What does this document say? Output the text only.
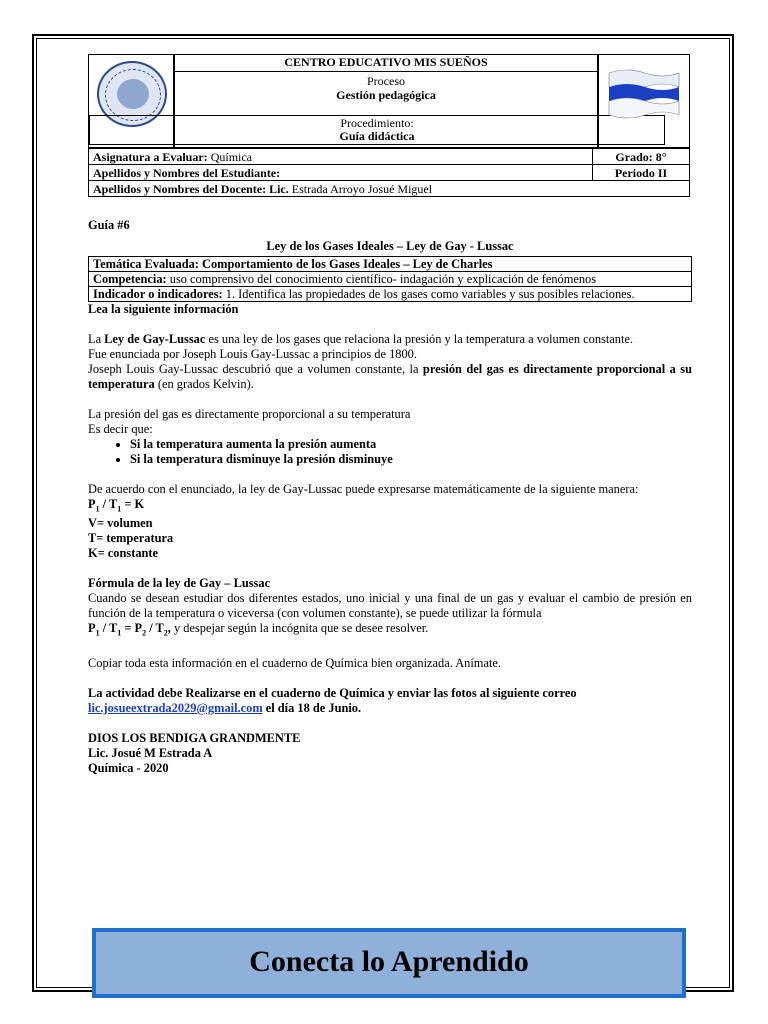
CENTRO EDUCATIVO MIS SUEÑOS
Proceso
Gestión pedagógica
Procedimiento:
Guía didáctica
Asignatura a Evaluar: Química	Grado: 8°
Apellidos y Nombres del Estudiante:	Periodo II
Apellidos y Nombres del Docente: Lic. Estrada Arroyo Josué Miguel	

Guía #6

Ley de los Gases Ideales – Ley de Gay - Lussac

Temática Evaluada: Comportamiento de los Gases Ideales – Ley de Charles
Competencia: uso comprensivo del conocimiento científico- indagación y explicación de fenómenos
Indicador o indicadores: 1. Identifica las propiedades de los gases como variables y sus posibles relaciones.

Lea la siguiente información

La Ley de Gay-Lussac es una ley de los gases que relaciona la presión y la temperatura a volumen constante.

Fue enunciada por Joseph Louis Gay-Lussac a principios de 1800.

Joseph Louis Gay-Lussac descubrió que a volumen constante, la presión del gas es directamente proporcional a su temperatura (en grados Kelvin).

La presión del gas es directamente proporcional a su temperatura

Es decir que:

• Si la temperatura aumenta la presión aumenta
• Si la temperatura disminuye la presión disminuye

De acuerdo con el enunciado, la ley de Gay-Lussac puede expresarse matemáticamente de la siguiente manera:

$P_1 / T_1 = K$

V= volumen

T= temperatura

K= constante

Fórmula de la ley de Gay – Lussac

Cuando se desean estudiar dos diferentes estados, uno inicial y una final de un gas y evaluar el cambio de presión en función de la temperatura o viceversa (con volumen constante), se puede utilizar la fórmula

$P_1 / T_1 = P_2 / T_2$, y despejar según la incógnita que se desee resolver.

Copiar toda esta información en el cuaderno de Química bien organizada. Anímate.

La actividad debe Realizarse en el cuaderno de Química y enviar las fotos al siguiente correo

lic.josueextrada2029@gmail.com el día 18 de Junio.

DIOS LOS BENDIGA GRANDMENTE

Lic. Josué M Estrada A

Química - 2020

Conecta lo Aprendido
